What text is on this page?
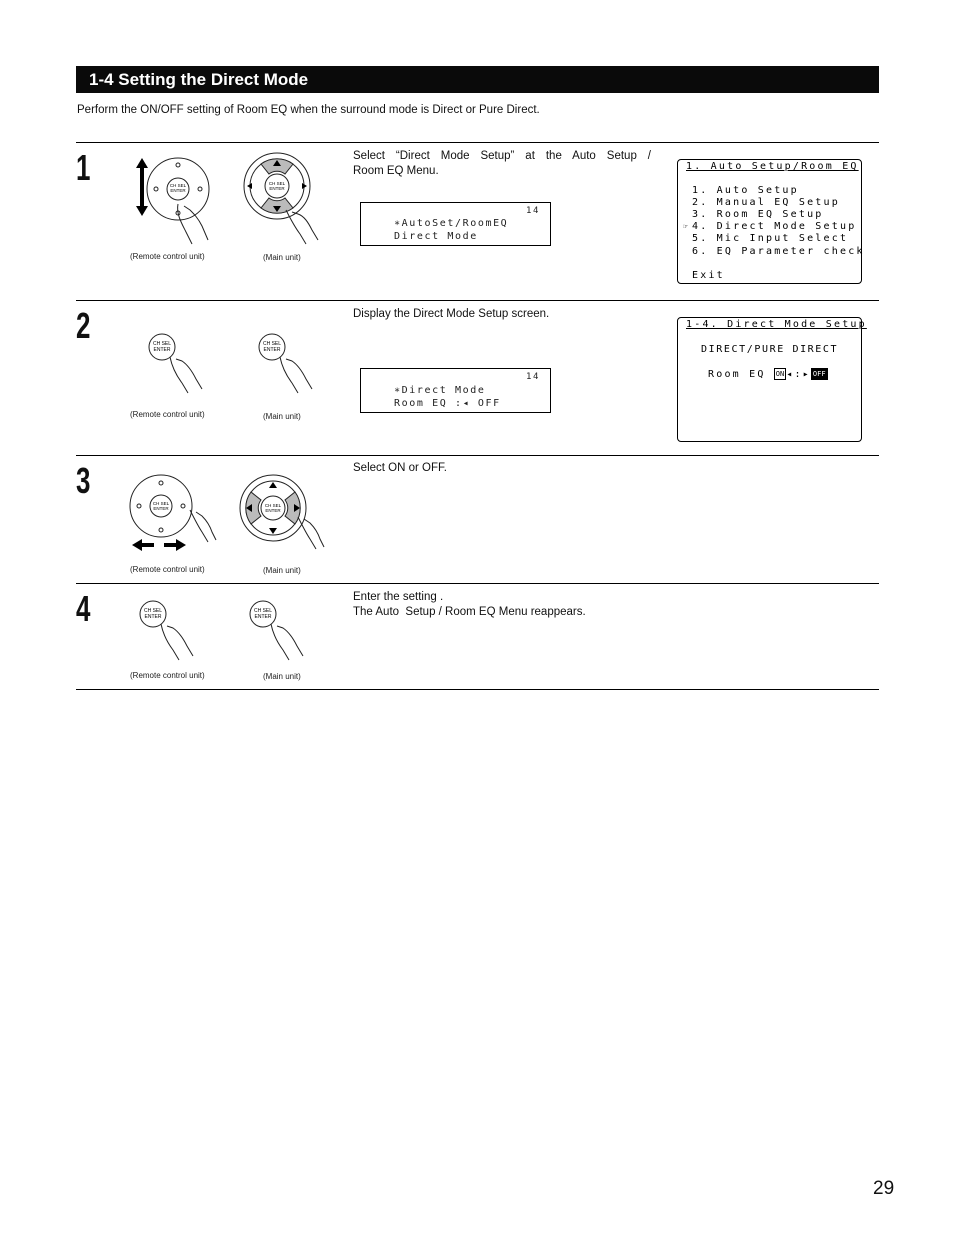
1-4 Setting the Direct Mode
Perform the ON/OFF setting of Room EQ when the surround mode is Direct or Pure Direct.
1	CH SEL
ENTER
(Remote control unit)
CH SEL
ENTER
(Main unit)
Select “Direct Mode Setup” at the Auto Setup /
Room EQ Menu.
14
∗AutoSet/RoomEQ
Direct Mode
1. Auto Setup/Room EQ
1. Auto Setup
2. Manual EQ Setup
3. Room EQ Setup
☞ 4. Direct Mode Setup
5. Mic Input Select
6. EQ Parameter check
Exit
2	CH SEL
ENTER
(Remote control unit)
CH SEL
ENTER
(Main unit)
Display the Direct Mode Setup screen.
14
∗Direct Mode
Room EQ :◂ OFF
1-4. Direct Mode Setup
DIRECT/PURE DIRECT
Room EQ ON ◂:▸ OFF
3
CH SEL
ENTER
(Remote control unit)
CH SEL
ENTER
(Main unit)
Select ON or OFF.
4	CH SEL
ENTER
(Remote control unit)
CH SEL
ENTER
(Main unit)
Enter the setting .
The Auto  Setup / Room EQ Menu reappears.
29
